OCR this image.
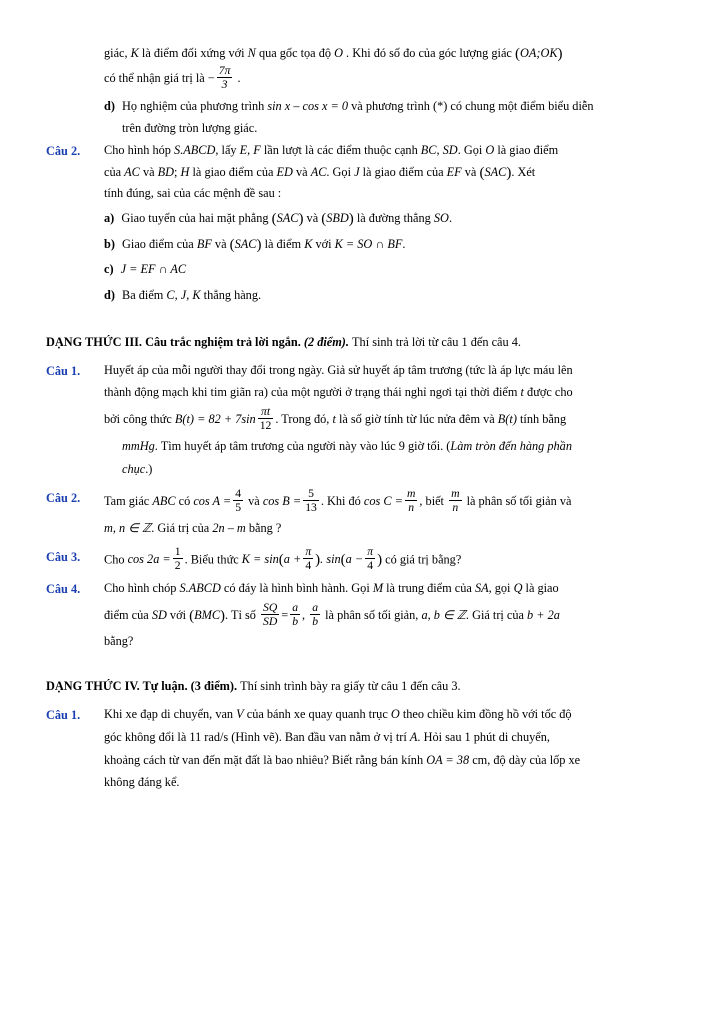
giác, K là điểm đối xứng với N qua gốc tọa độ O . Khi đó số đo của góc lượng giác (OA;OK)
có thể nhận giá trị là − $\frac{7\pi}{3}$ .
d) Họ nghiệm của phương trình sin x – cos x = 0 và phương trình (*) có chung một điểm biểu diễn
trên đường tròn lượng giác.
Câu 2.	Cho hình hóp S.ABCD, lấy E, F lần lượt là các điểm thuộc cạnh BC, SD. Gọi O là giao điểm
của AC và BD; H là giao điểm của ED và AC. Gọi J là giao điểm của EF và (SAC). Xét
tính đúng, sai của các mệnh đề sau :
a) Giao tuyến của hai mặt phẳng (SAC) và (SBD) là đường thẳng SO.
b) Giao điểm của BF và (SAC) là điểm K với K = SO ∩ BF.
c) J = EF ∩ AC
d) Ba điểm C, J, K thẳng hàng.
DẠNG THỨC III. Câu trắc nghiệm trả lời ngắn. (2 điểm). Thí sinh trả lời từ câu 1 đến câu 4.
Câu 1.	Huyết áp của mỗi người thay đổi trong ngày. Giả sử huyết áp tâm trương (tức là áp lực máu lên
thành động mạch khi tim giãn ra) của một người ở trạng thái nghỉ ngơi tại thời điểm t được cho
bởi công thức $B(t) = 82 + 7\sin \frac{\pi t}{12}$ . Trong đó, t là số giờ tính từ lúc nửa đêm và B(t) tính bằng
mmHg. Tìm huyết áp tâm trương của người này vào lúc 9 giờ tối. (Làm tròn đến hàng phần
chục.)
Câu 2.	Tam giác ABC có $\cos A = \frac{4}{5}$ và $\cos B = \frac{5}{13}$ . Khi đó $\cos C = \frac{m}{n}$ , biết $\frac{m}{n}$ là phân số tối giản và
m, n ∈ ℤ. Giá trị của 2n – m bằng ?
Câu 3.	Cho $\cos 2a = \frac{1}{2}$ . Biểu thức $K = \sin(a + \frac{\pi}{4}$ ). $\sin(a - \frac{\pi}{4}$ ) có giá trị bằng?
Câu 4.	Cho hình chóp S.ABCD có đáy là hình bình hành. Gọi M là trung điểm của SA, gọi Q là giao
điểm của SD với (BMC). Tỉ số $\frac{SQ}{SD} = \frac{a}{b}$ , $\frac{a}{b}$ là phân số tối giản, a, b ∈ ℤ. Giá trị của b + 2a
bằng?
DẠNG THỨC IV. Tự luận. (3 điểm). Thí sinh trình bày ra giấy từ câu 1 đến câu 3.
Câu 1.	Khi xe đạp di chuyển, van V của bánh xe quay quanh trục O theo chiều kim đồng hồ với tốc độ
góc không đổi là 11 rad/s (Hình vẽ). Ban đầu van nằm ở vị trí A. Hỏi sau 1 phút di chuyển,
khoảng cách từ van đến mặt đất là bao nhiêu? Biết rằng bán kính OA = 38 cm, độ dày của lốp xe
không đáng kể.
